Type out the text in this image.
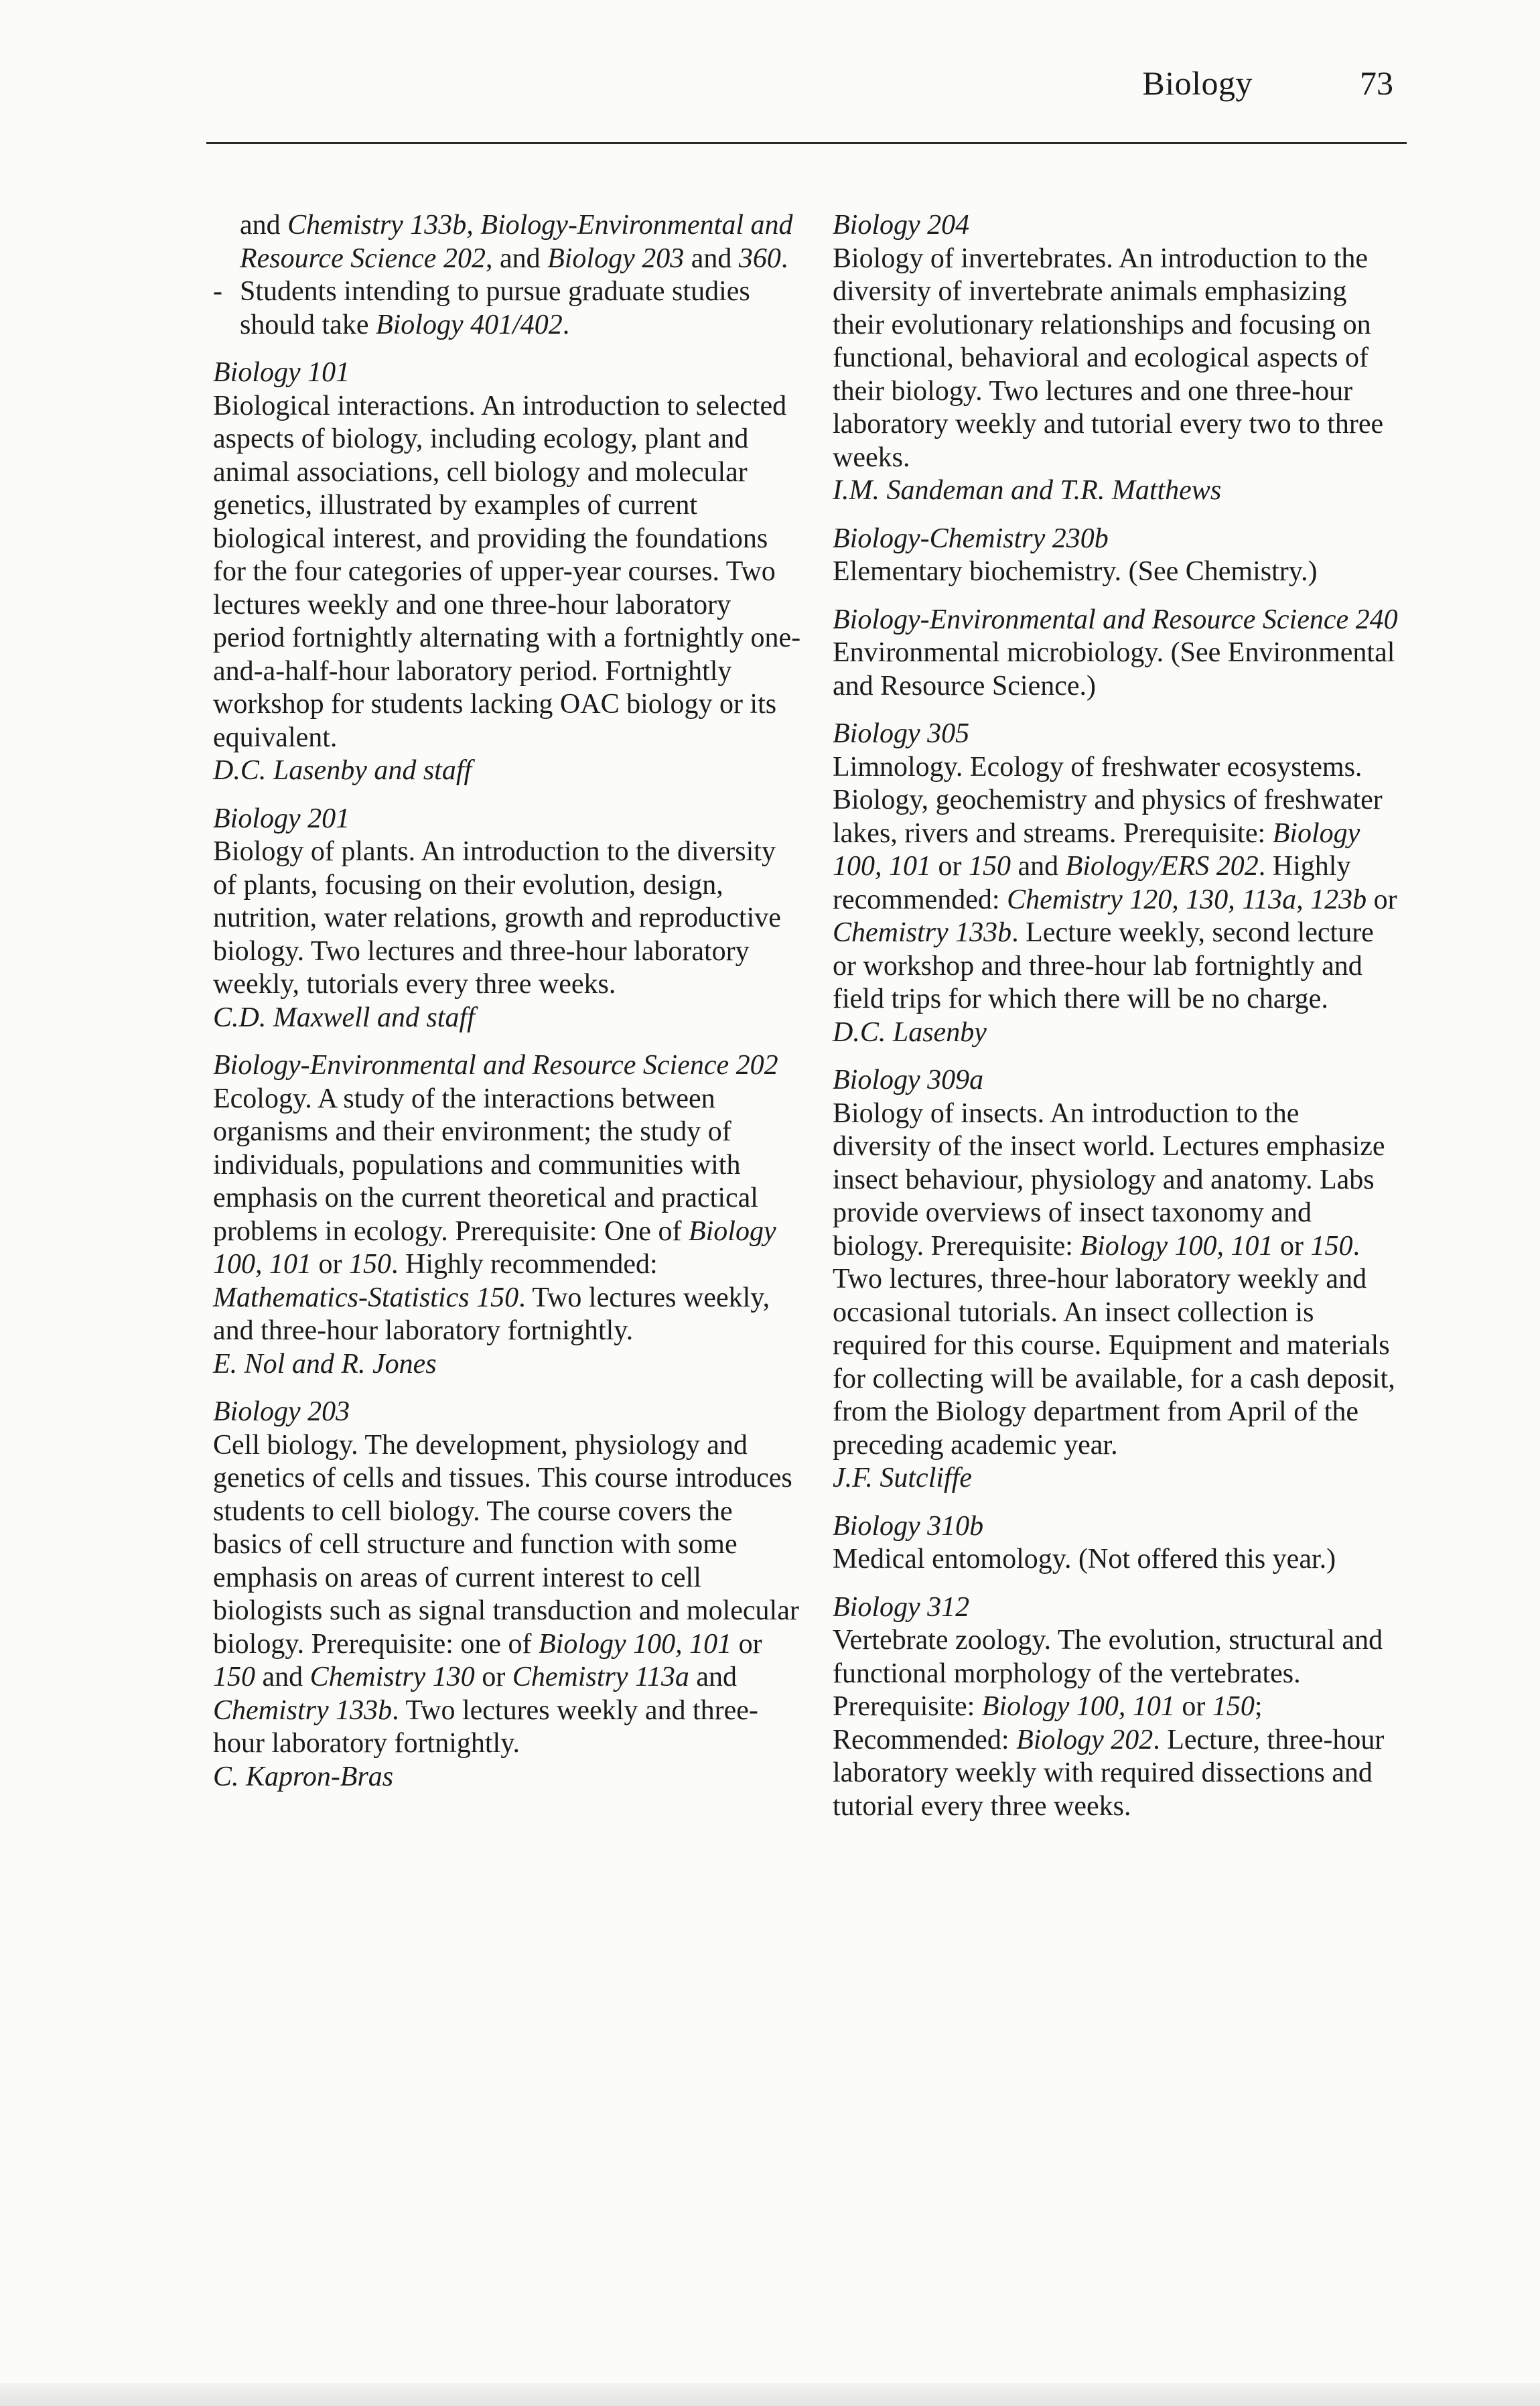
Biology	73
and Chemistry 133b, Biology-Environmental and Resource Science 202, and Biology 203 and 360.
- Students intending to pursue graduate studies should take Biology 401/402.
Biology 101
Biological interactions. An introduction to selected aspects of biology, including ecology, plant and animal associations, cell biology and molecular genetics, illustrated by examples of current biological interest, and providing the foundations for the four categories of upper-year courses. Two lectures weekly and one three-hour laboratory period fortnightly alternating with a fortnightly one-and-a-half-hour laboratory period. Fortnightly workshop for students lacking OAC biology or its equivalent.
D.C. Lasenby and staff
Biology 201
Biology of plants. An introduction to the diversity of plants, focusing on their evolution, design, nutrition, water relations, growth and reproductive biology. Two lectures and three-hour laboratory weekly, tutorials every three weeks.
C.D. Maxwell and staff
Biology-Environmental and Resource Science 202
Ecology. A study of the interactions between organisms and their environment; the study of individuals, populations and communities with emphasis on the current theoretical and practical problems in ecology. Prerequisite: One of Biology 100, 101 or 150. Highly recommended: Mathematics-Statistics 150. Two lectures weekly, and three-hour laboratory fortnightly.
E. Nol and R. Jones
Biology 203
Cell biology. The development, physiology and genetics of cells and tissues. This course introduces students to cell biology. The course covers the basics of cell structure and function with some emphasis on areas of current interest to cell biologists such as signal transduction and molecular biology. Prerequisite: one of Biology 100, 101 or 150 and Chemistry 130 or Chemistry 113a and Chemistry 133b. Two lectures weekly and three-hour laboratory fortnightly.
C. Kapron-Bras
Biology 204
Biology of invertebrates. An introduction to the diversity of invertebrate animals emphasizing their evolutionary relationships and focusing on functional, behavioral and ecological aspects of their biology. Two lectures and one three-hour laboratory weekly and tutorial every two to three weeks.
I.M. Sandeman and T.R. Matthews
Biology-Chemistry 230b
Elementary biochemistry. (See Chemistry.)
Biology-Environmental and Resource Science 240
Environmental microbiology. (See Environmental and Resource Science.)
Biology 305
Limnology. Ecology of freshwater ecosystems. Biology, geochemistry and physics of freshwater lakes, rivers and streams. Prerequisite: Biology 100, 101 or 150 and Biology/ERS 202. Highly recommended: Chemistry 120, 130, 113a, 123b or Chemistry 133b. Lecture weekly, second lecture or workshop and three-hour lab fortnightly and field trips for which there will be no charge.
D.C. Lasenby
Biology 309a
Biology of insects. An introduction to the diversity of the insect world. Lectures emphasize insect behaviour, physiology and anatomy. Labs provide overviews of insect taxonomy and biology. Prerequisite: Biology 100, 101 or 150. Two lectures, three-hour laboratory weekly and occasional tutorials. An insect collection is required for this course. Equipment and materials for collecting will be available, for a cash deposit, from the Biology department from April of the preceding academic year.
J.F. Sutcliffe
Biology 310b
Medical entomology. (Not offered this year.)
Biology 312
Vertebrate zoology. The evolution, structural and functional morphology of the vertebrates. Prerequisite: Biology 100, 101 or 150; Recommended: Biology 202. Lecture, three-hour laboratory weekly with required dissections and tutorial every three weeks.
